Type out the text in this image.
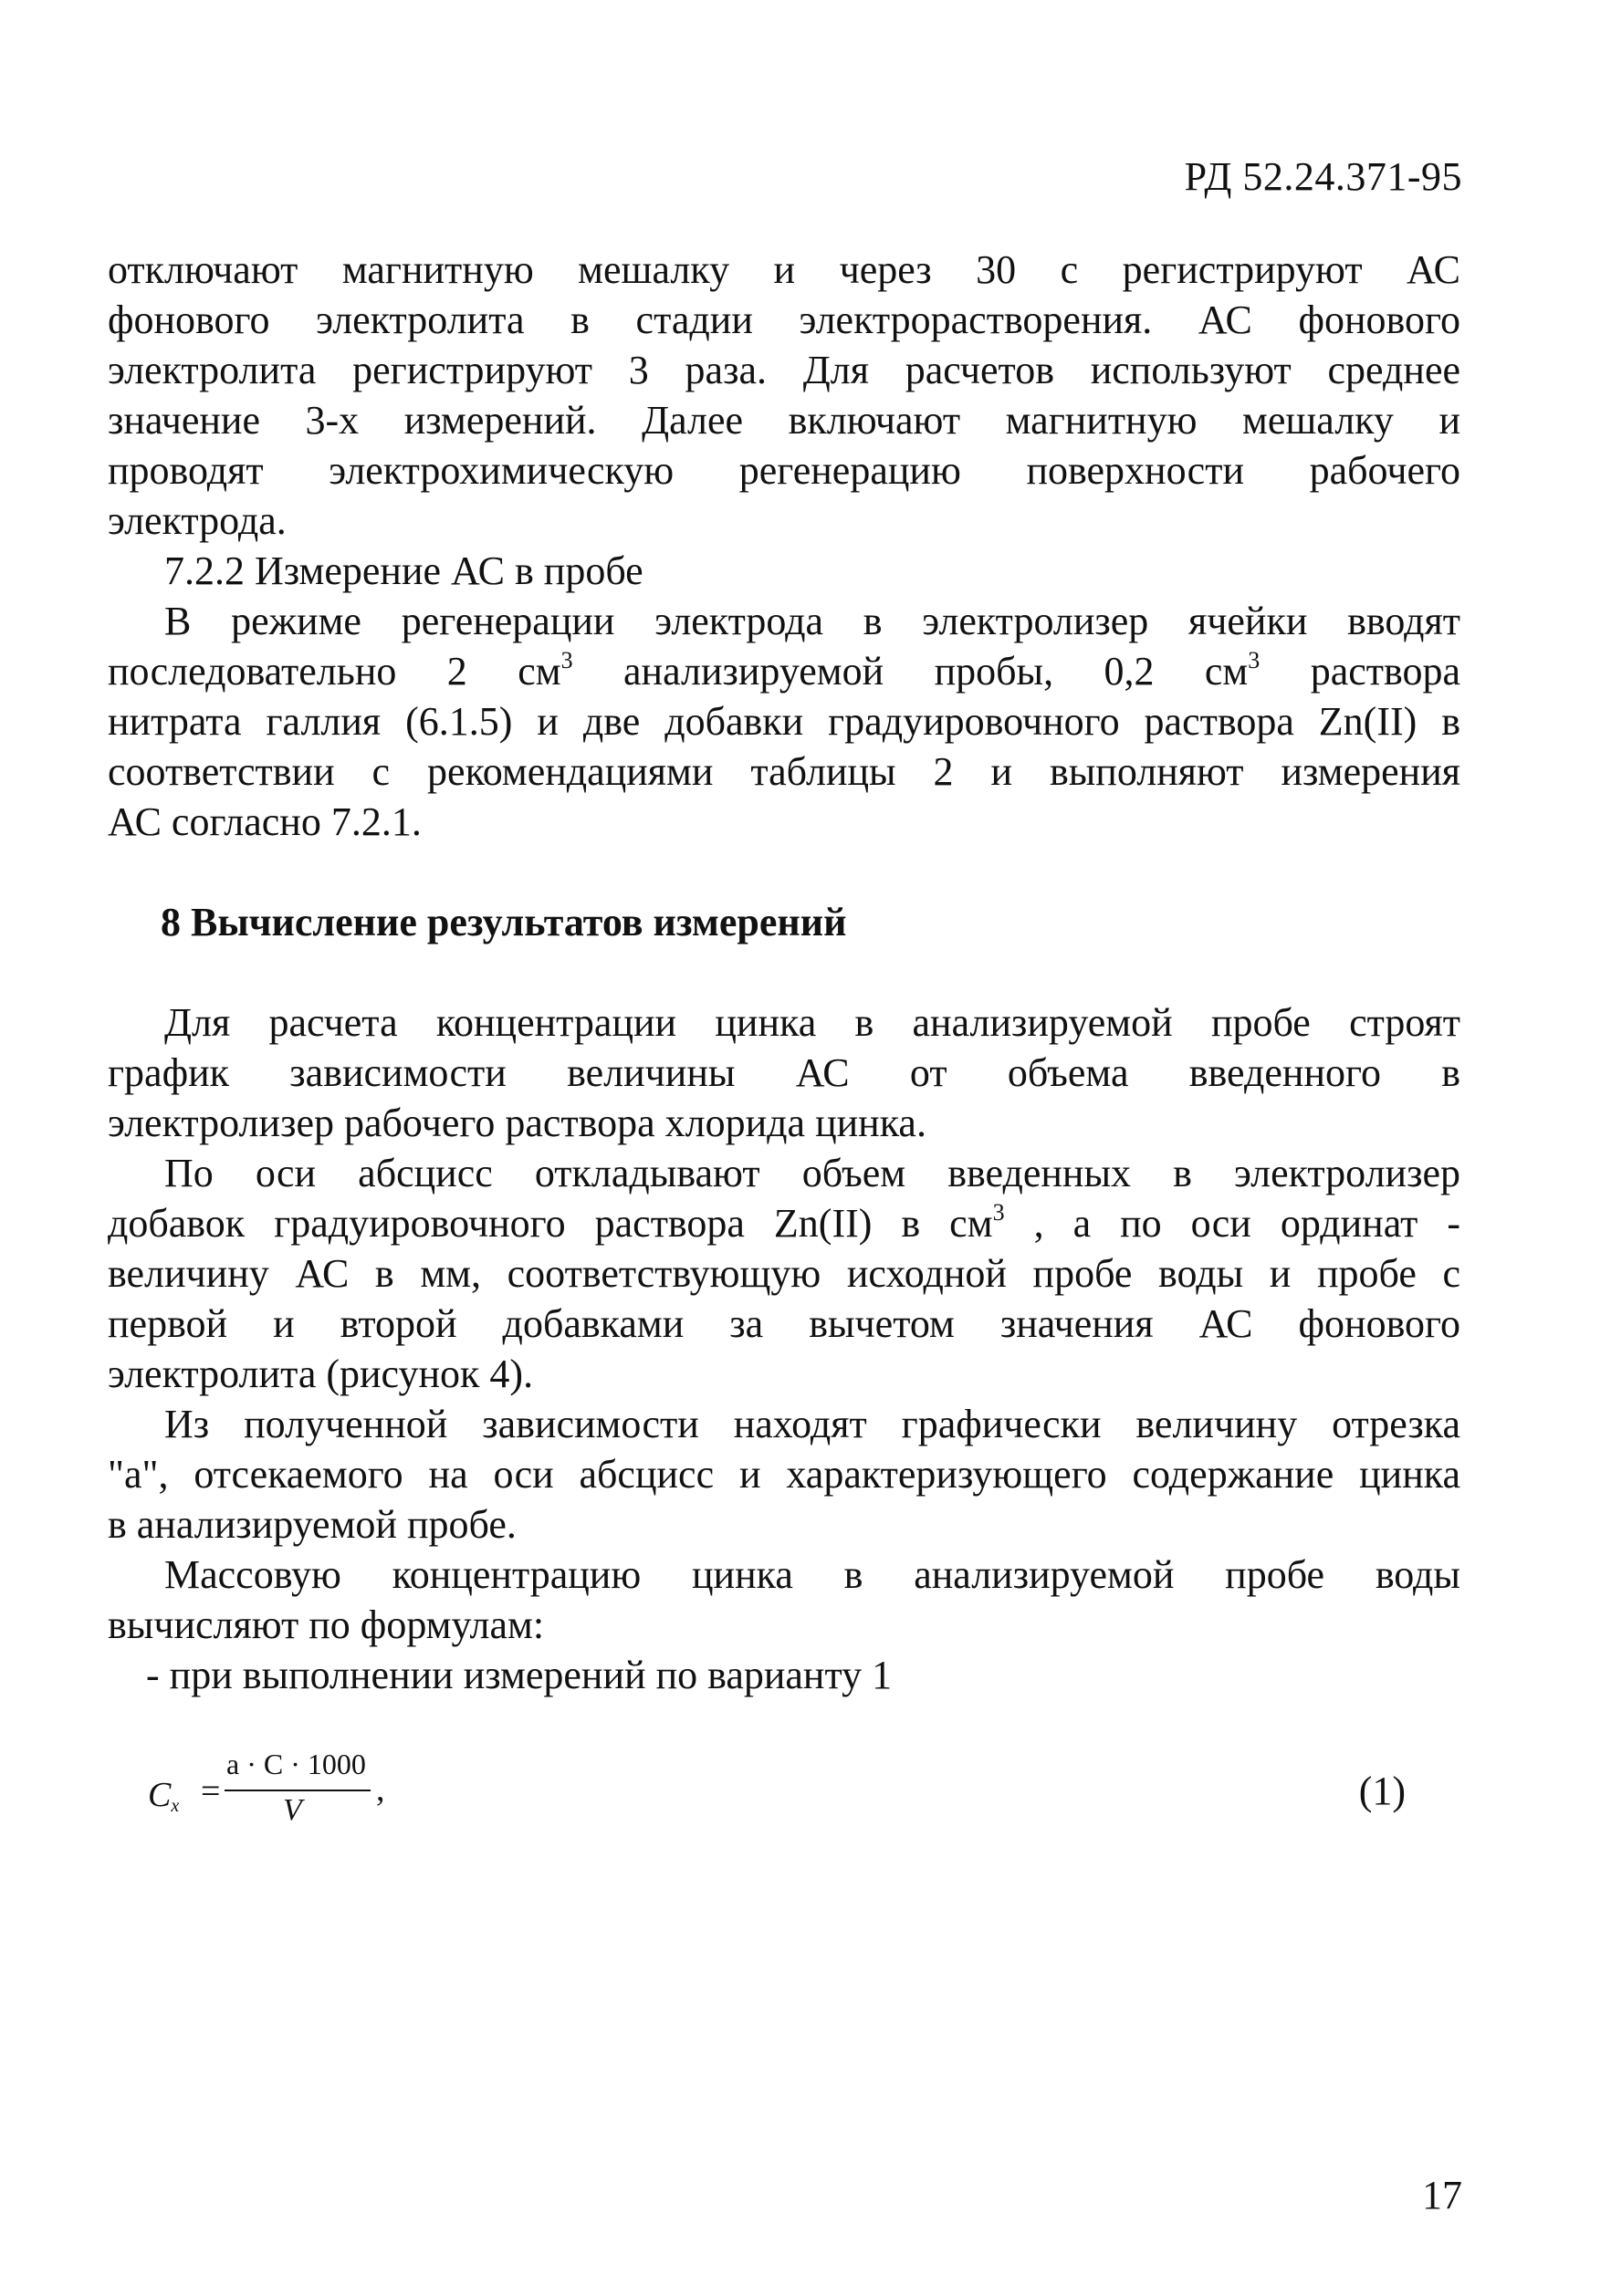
РД 52.24.371-95

отключают магнитную мешалку и через 30 с регистрируют АС

фонового электролита в стадии электрорастворения. АС фонового

электролита регистрируют 3 раза. Для расчетов используют среднее

значение 3-х измерений. Далее включают магнитную мешалку и

проводят электрохимическую регенерацию поверхности рабочего

электрода.

7.2.2 Измерение АС в пробе

В режиме регенерации электрода в электролизер ячейки вводят

последовательно 2 $см^3$ анализируемой пробы, 0,2 $см^3$ раствора

нитрата галлия (6.1.5) и две добавки градуировочного раствора Zn(II) в

соответствии с рекомендациями таблицы 2 и выполняют измерения

АС согласно 7.2.1.

8 Вычисление результатов измерений

Для расчета концентрации цинка в анализируемой пробе строят

график зависимости величины АС от объема введенного в

электролизер рабочего раствора хлорида цинка.

По оси абсцисс откладывают объем введенных в электролизер

добавок градуировочного раствора Zn(II) в $см^3$ , а по оси ординат -

величину АС в мм, соответствующую исходной пробе воды и пробе с

первой и второй добавками за вычетом значения АС фонового

электролита (рисунок 4).

Из полученной зависимости находят графически величину отрезка

"а", отсекаемого на оси абсцисс и характеризующего содержание цинка

в анализируемой пробе.

Массовую концентрацию цинка в анализируемой пробе воды

вычисляют по формулам:

- при выполнении измерений по варианту 1

Cx =
a · C · 1000
V
,	(1)
17
